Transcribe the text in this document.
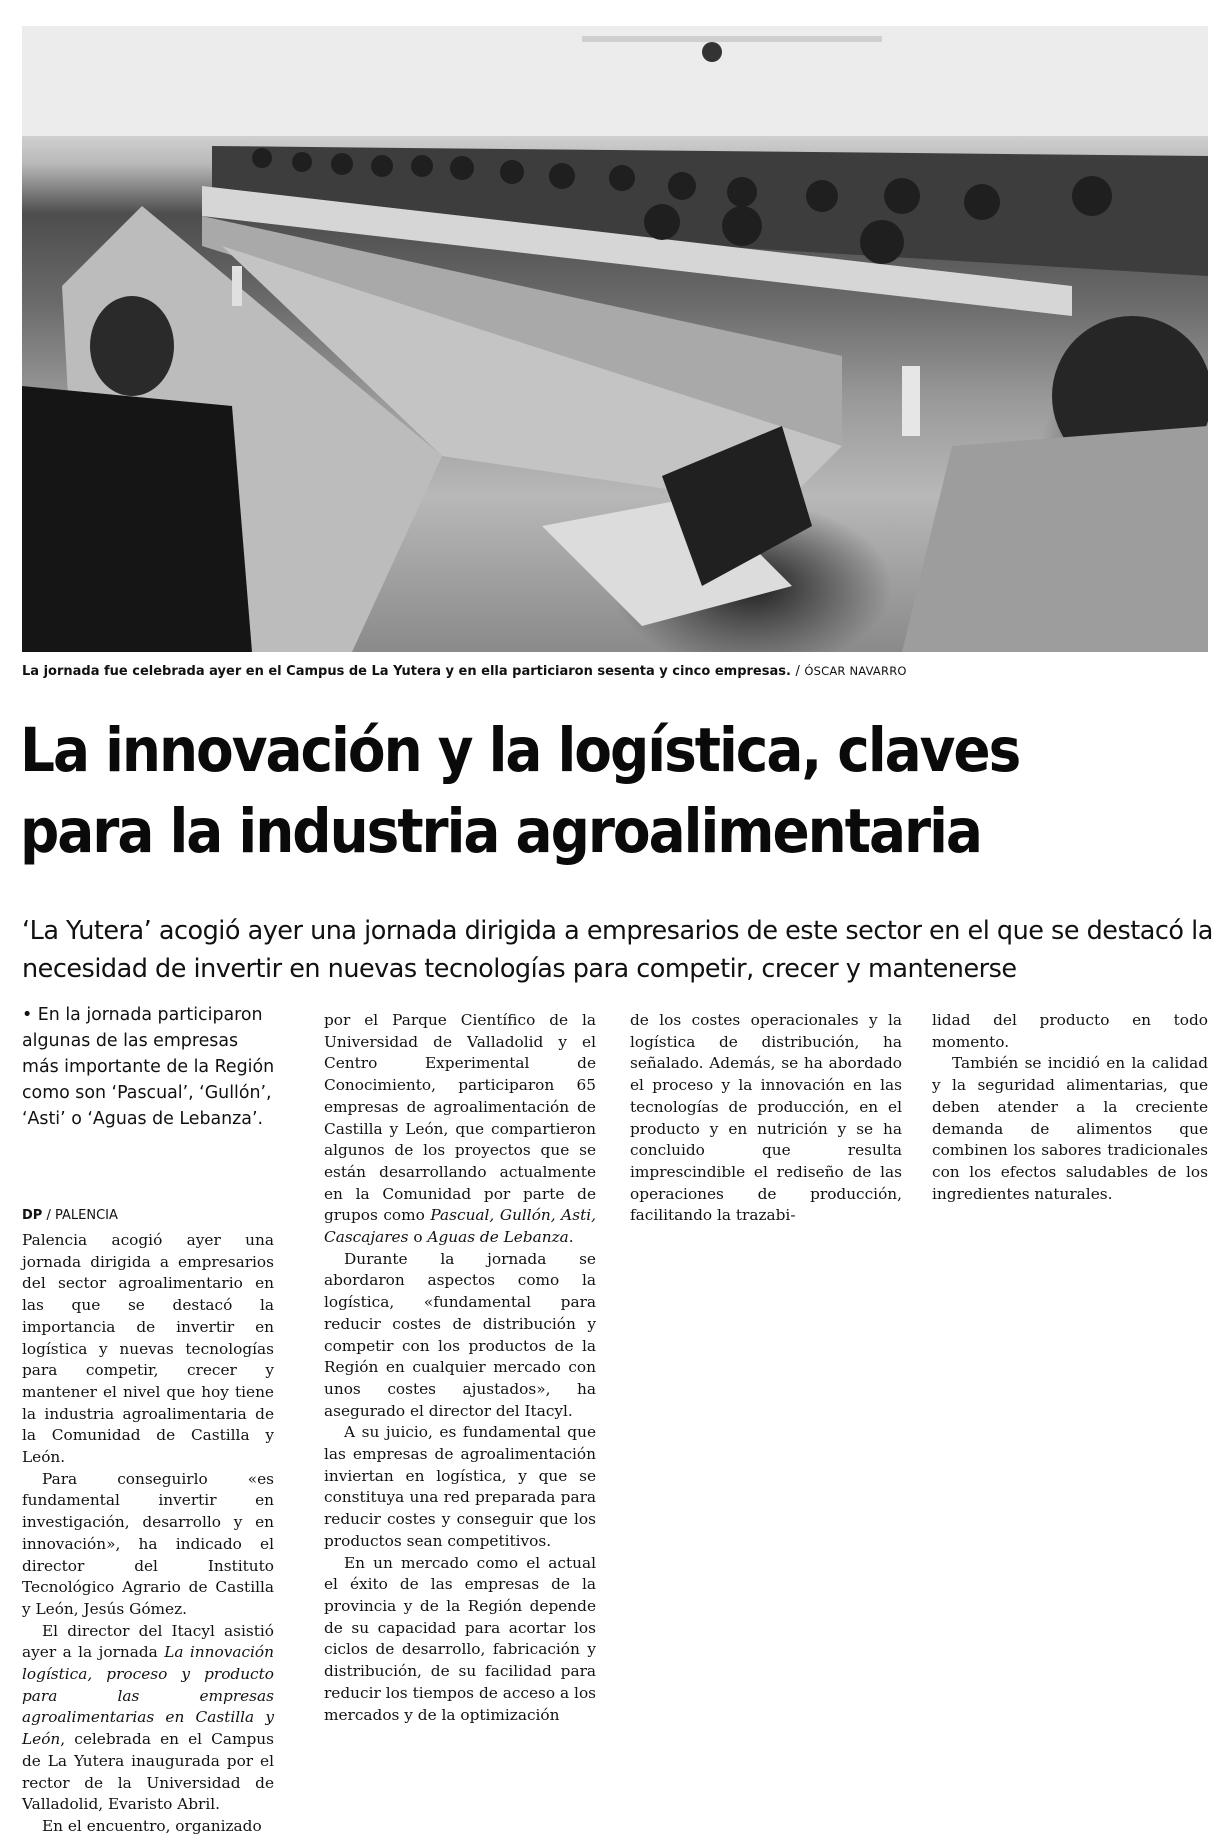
La jornada fue celebrada ayer en el Campus de La Yutera y en ella particiaron sesenta y cinco empresas. / ÓSCAR NAVARRO
La innovación y la logística, claves
para la industria agroalimentaria

‘La Yutera’ acogió ayer una jornada dirigida a empresarios de este sector en el que se destacó la necesidad de invertir en nuevas tecnologías para competir, crecer y mantenerse

• En la jornada participaron algunas de las empresas más importante de la Región como son ‘Pascual’, ‘Gullón’, ‘Asti’ o ‘Aguas de Lebanza’.

DP / PALENCIA

Palencia acogió ayer una jornada dirigida a empresarios del sector agroalimentario en las que se destacó la importancia de invertir en logística y nuevas tecnologías para competir, crecer y mantener el nivel que hoy tiene la industria agroalimentaria de la Comunidad de Castilla y León.

Para conseguirlo «es fundamental invertir en investigación, desarrollo y en innovación», ha indicado el director del Instituto Tecnológico Agrario de Castilla y León, Jesús Gómez.

El director del Itacyl asistió ayer a la jornada La innovación logística, proceso y producto para las empresas agroalimentarias en Castilla y León, celebrada en el Campus de La Yutera inaugurada por el rector de la Universidad de Valladolid, Evaristo Abril.

En el encuentro, organizado

por el Parque Científico de la Universidad de Valladolid y el Centro Experimental de Conocimiento, participaron 65 empresas de agroalimentación de Castilla y León, que compartieron algunos de los proyectos que se están desarrollando actualmente en la Comunidad por parte de grupos como Pascual, Gullón, Asti, Cascajares o Aguas de Lebanza.

Durante la jornada se abordaron aspectos como la logística, «fundamental para reducir costes de distribución y competir con los productos de la Región en cualquier mercado con unos costes ajustados», ha asegurado el director del Itacyl.

A su juicio, es fundamental que las empresas de agroalimentación inviertan en logística, y que se constituya una red preparada para reducir costes y conseguir que los productos sean competitivos.

En un mercado como el actual el éxito de las empresas de la provincia y de la Región depende de su capacidad para acortar los ciclos de desarrollo, fabricación y distribución, de su facilidad para reducir los tiempos de acceso a los mercados y de la optimización

de los costes operacionales y la logística de distribución, ha señalado. Además, se ha abordado el proceso y la innovación en las tecnologías de producción, en el producto y en nutrición y se ha concluido que resulta imprescindible el rediseño de las operaciones de producción, facilitando la trazabi-

lidad del producto en todo momento.

También se incidió en la calidad y la seguridad alimentarias, que deben atender a la creciente demanda de alimentos que combinen los sabores tradicionales con los efectos saludables de los ingredientes naturales.
